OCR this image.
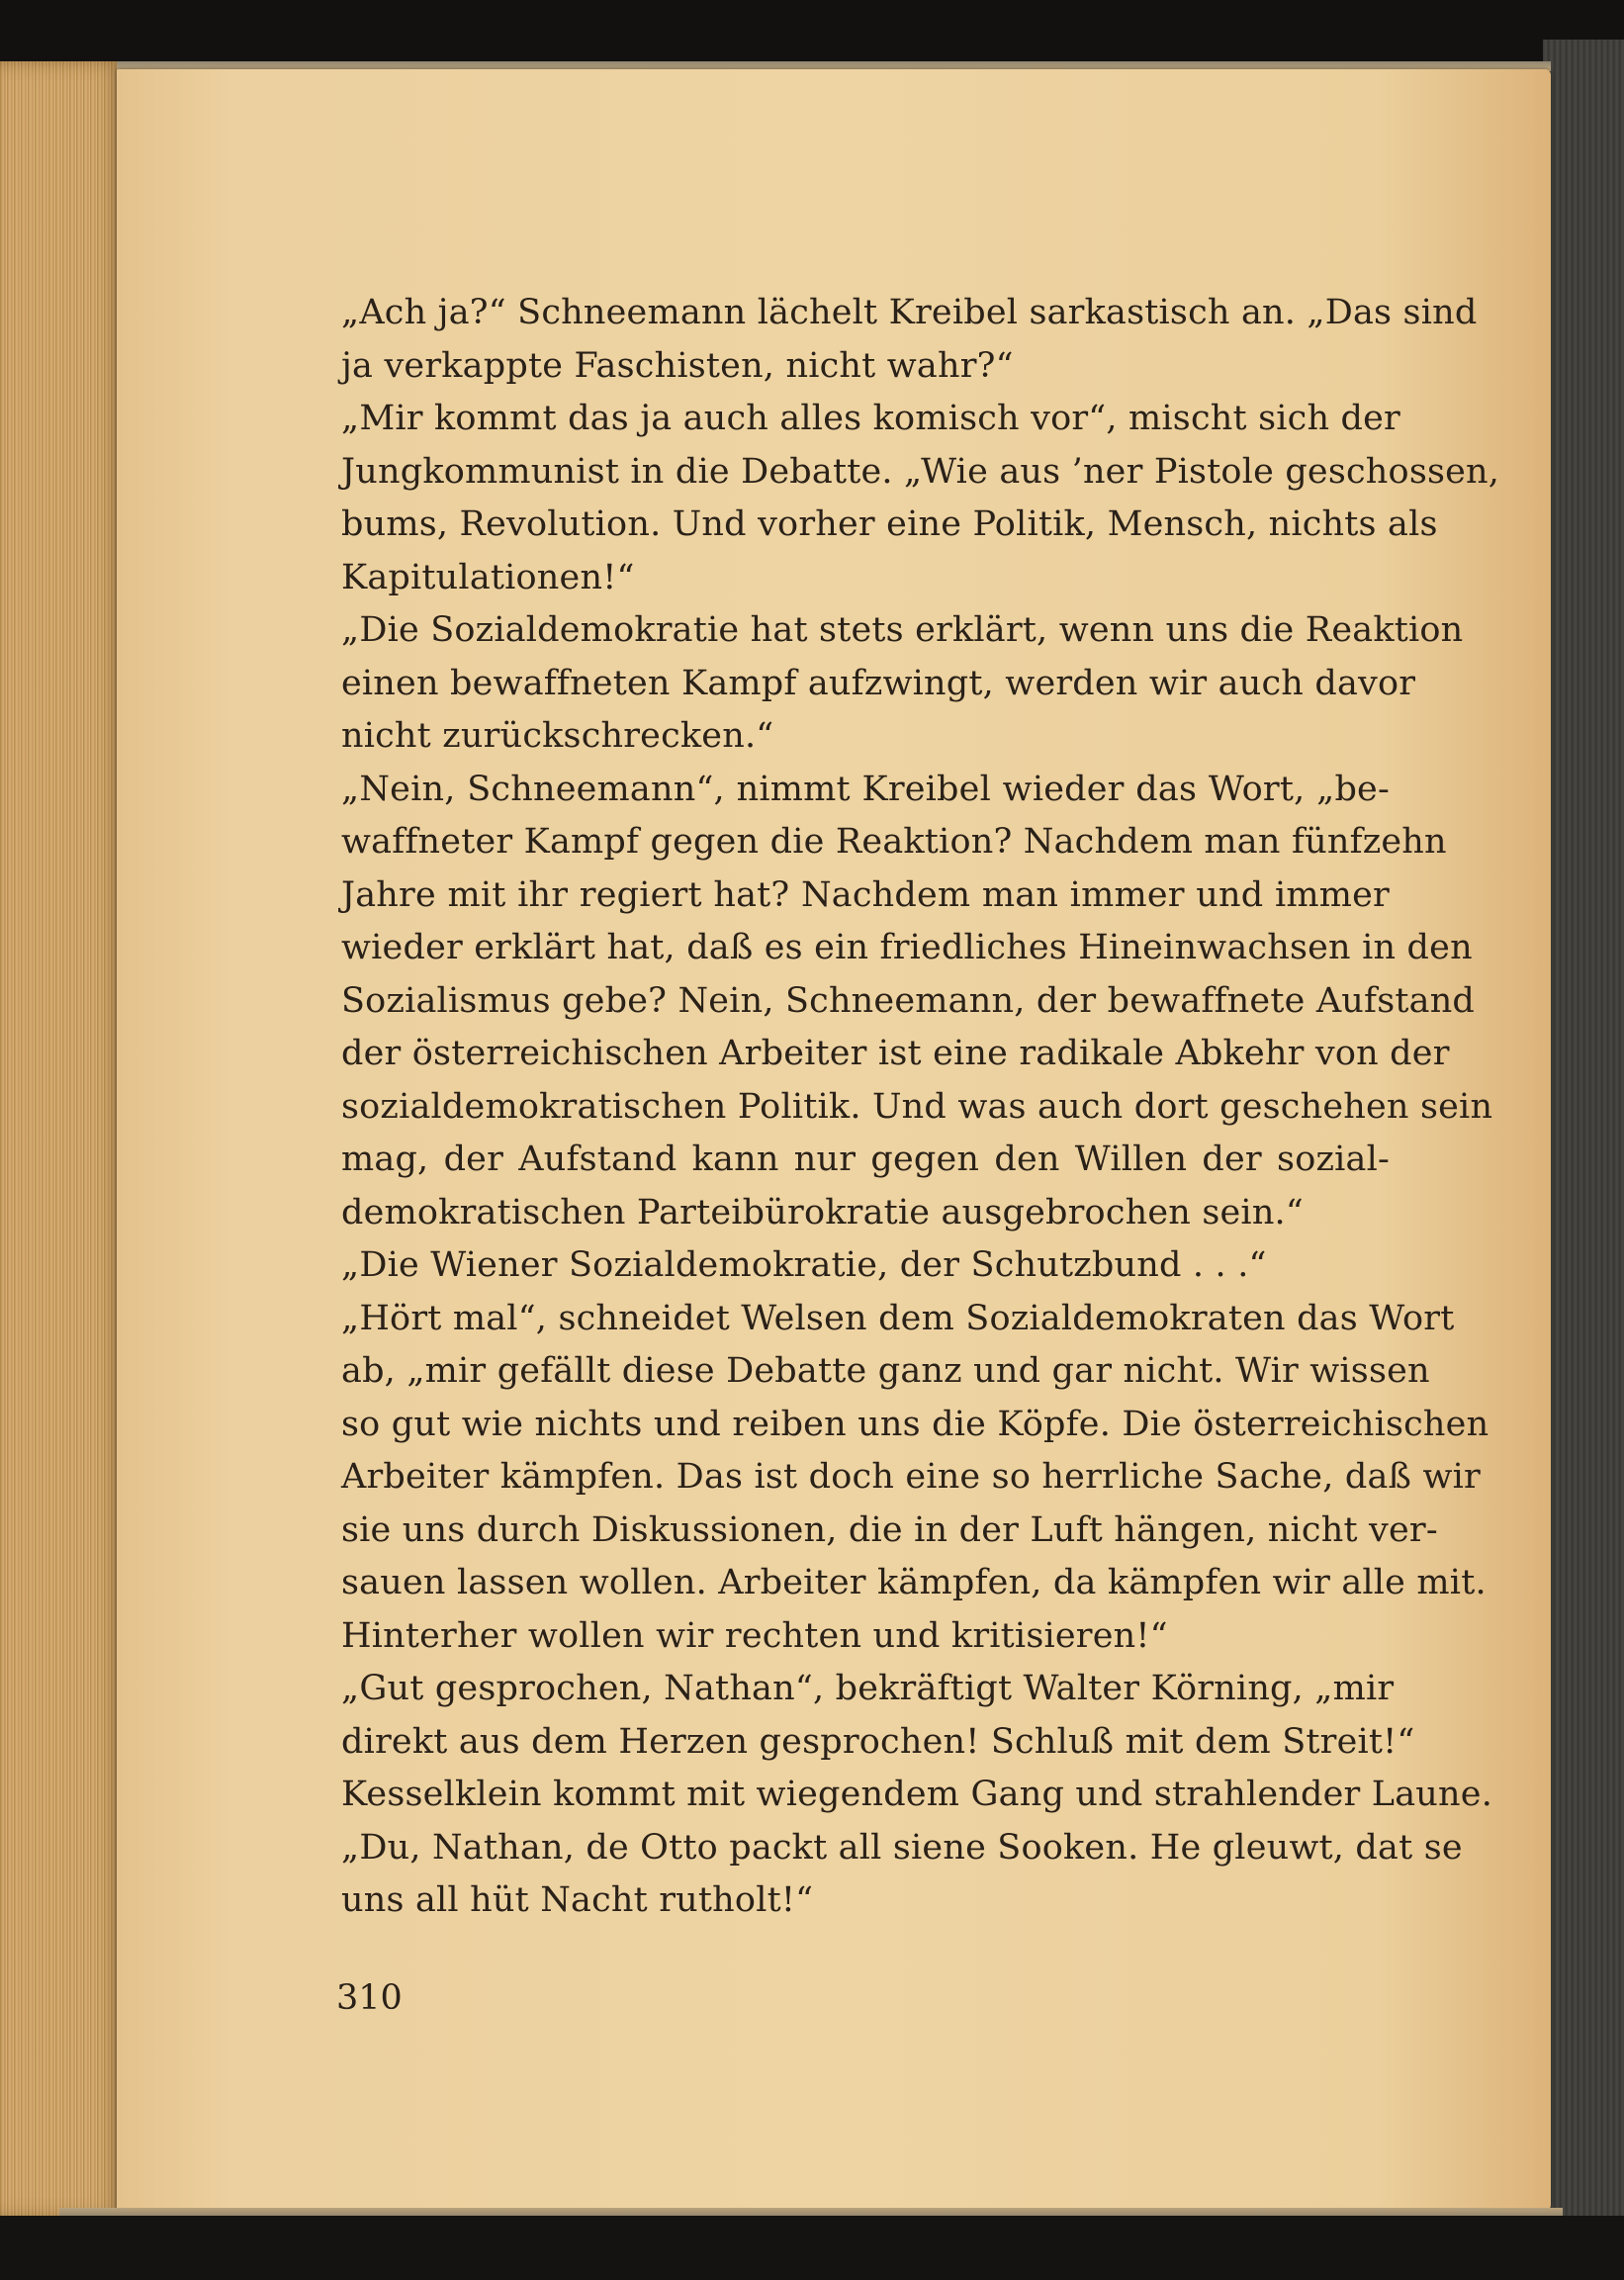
„Ach ja?“ Schneemann lächelt Kreibel sarkastisch an. „Das sind
ja verkappte Faschisten, nicht wahr?“
„Mir kommt das ja auch alles komisch vor“, mischt sich der
Jungkommunist in die Debatte. „Wie aus ’ner Pistole geschossen,
bums, Revolution. Und vorher eine Politik, Mensch, nichts als
Kapitulationen!“
„Die Sozialdemokratie hat stets erklärt, wenn uns die Reaktion
einen bewaffneten Kampf aufzwingt, werden wir auch davor
nicht zurückschrecken.“
„Nein, Schneemann“, nimmt Kreibel wieder das Wort, „be-
waffneter Kampf gegen die Reaktion? Nachdem man fünfzehn
Jahre mit ihr regiert hat? Nachdem man immer und immer
wieder erklärt hat, daß es ein friedliches Hineinwachsen in den
Sozialismus gebe? Nein, Schneemann, der bewaffnete Aufstand
der österreichischen Arbeiter ist eine radikale Abkehr von der
sozialdemokratischen Politik. Und was auch dort geschehen sein
mag, der Aufstand kann nur gegen den Willen der sozial-
demokratischen Parteibürokratie ausgebrochen sein.“
„Die Wiener Sozialdemokratie, der Schutzbund . . .“
„Hört mal“, schneidet Welsen dem Sozialdemokraten das Wort
ab, „mir gefällt diese Debatte ganz und gar nicht. Wir wissen
so gut wie nichts und reiben uns die Köpfe. Die österreichischen
Arbeiter kämpfen. Das ist doch eine so herrliche Sache, daß wir
sie uns durch Diskussionen, die in der Luft hängen, nicht ver-
sauen lassen wollen. Arbeiter kämpfen, da kämpfen wir alle mit.
Hinterher wollen wir rechten und kritisieren!“
„Gut gesprochen, Nathan“, bekräftigt Walter Körning, „mir
direkt aus dem Herzen gesprochen! Schluß mit dem Streit!“
Kesselklein kommt mit wiegendem Gang und strahlender Laune.
„Du, Nathan, de Otto packt all siene Sooken. He gleuwt, dat se
uns all hüt Nacht rutholt!“
310
